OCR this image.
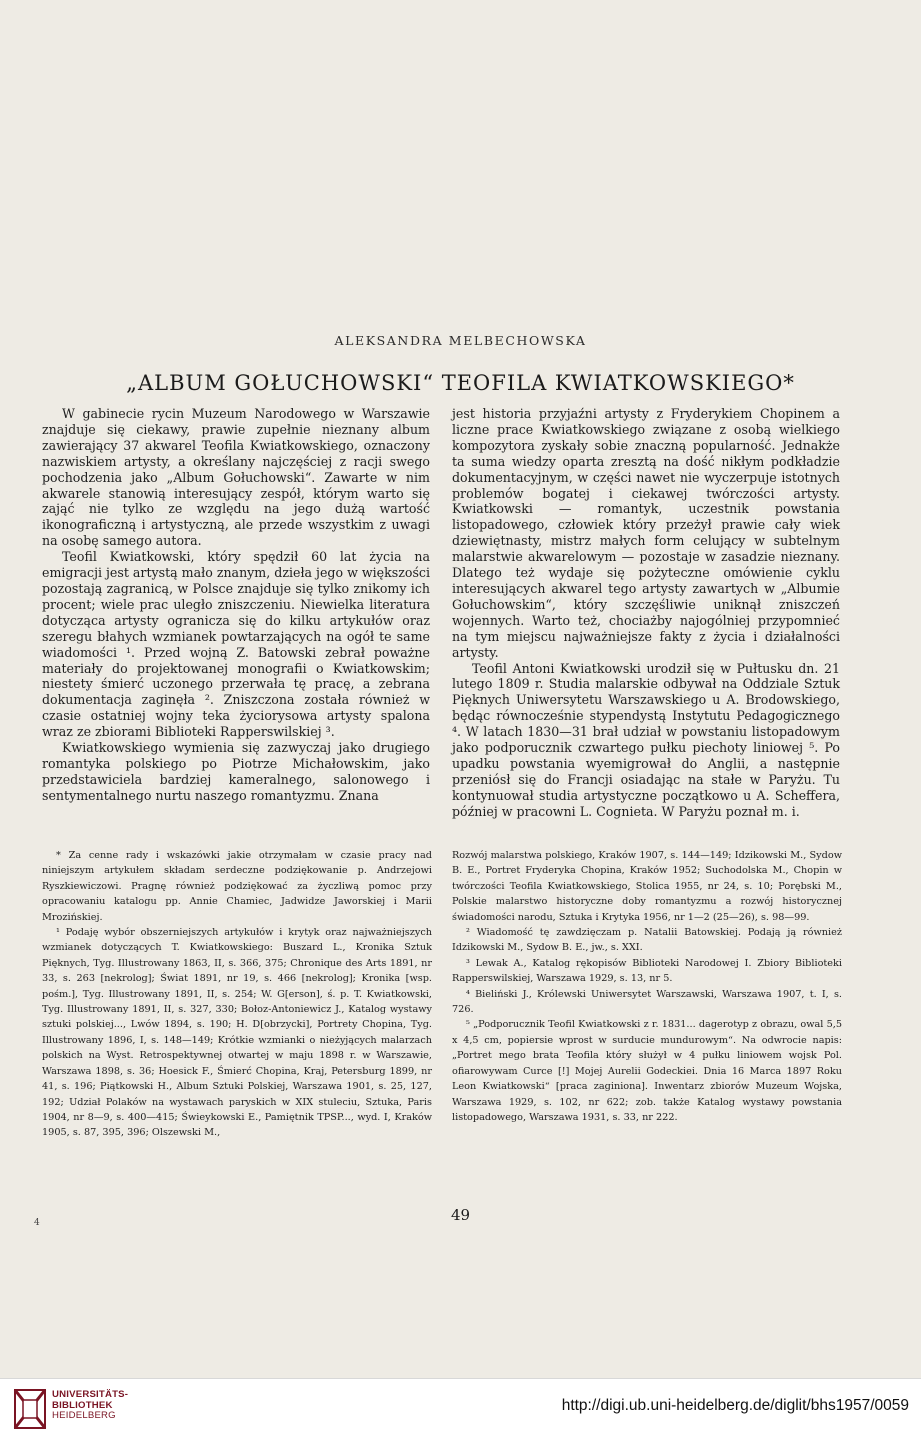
ALEKSANDRA MELBECHOWSKA
„ALBUM GOŁUCHOWSKI“ TEOFILA KWIATKOWSKIEGO*

W gabinecie rycin Muzeum Narodowego w Warszawie znajduje się ciekawy, prawie zupełnie nieznany album zawierający 37 akwarel Teofila Kwiatkowskiego, oznaczony nazwiskiem artysty, a określany najczęściej z racji swego pochodzenia jako „Album Gołuchowski“. Zawarte w nim akwarele stanowią interesujący zespół, którym warto się zająć nie tylko ze względu na jego dużą wartość ikonograficzną i artystyczną, ale przede wszystkim z uwagi na osobę samego autora.

Teofil Kwiatkowski, który spędził 60 lat życia na emigracji jest artystą mało znanym, dzieła jego w większości pozostają zagranicą, w Polsce znajduje się tylko znikomy ich procent; wiele prac uległo zniszczeniu. Niewielka literatura dotycząca artysty ogranicza się do kilku artykułów oraz szeregu błahych wzmianek powtarzających na ogół te same wiadomości ¹. Przed wojną Z. Batowski zebrał poważne materiały do projektowanej monografii o Kwiatkowskim; niestety śmierć uczonego przerwała tę pracę, a zebrana dokumentacja zaginęła ². Zniszczona została również w czasie ostatniej wojny teka życiorysowa artysty spalona wraz ze zbiorami Biblioteki Rapperswilskiej ³.

Kwiatkowskiego wymienia się zazwyczaj jako drugiego romantyka polskiego po Piotrze Michałowskim, jako przedstawiciela bardziej kameralnego, salonowego i sentymentalnego nurtu naszego romantyzmu. Znana

jest historia przyjaźni artysty z Fryderykiem Chopinem a liczne prace Kwiatkowskiego związane z osobą wielkiego kompozytora zyskały sobie znaczną popularność. Jednakże ta suma wiedzy oparta zresztą na dość nikłym podkładzie dokumentacyjnym, w części nawet nie wyczerpuje istotnych problemów bogatej i ciekawej twórczości artysty. Kwiatkowski — romantyk, uczestnik powstania listopadowego, człowiek który przeżył prawie cały wiek dziewiętnasty, mistrz małych form celujący w subtelnym malarstwie akwarelowym — pozostaje w zasadzie nieznany. Dlatego też wydaje się pożyteczne omówienie cyklu interesujących akwarel tego artysty zawartych w „Albumie Gołuchowskim“, który szczęśliwie uniknął zniszczeń wojennych. Warto też, chociażby najogólniej przypomnieć na tym miejscu najważniejsze fakty z życia i działalności artysty.

Teofil Antoni Kwiatkowski urodził się w Pułtusku dn. 21 lutego 1809 r. Studia malarskie odbywał na Oddziale Sztuk Pięknych Uniwersytetu Warszawskiego u A. Brodowskiego, będąc równocześnie stypendystą Instytutu Pedagogicznego ⁴. W latach 1830—31 brał udział w powstaniu listopadowym jako podporucznik czwartego pułku piechoty liniowej ⁵. Po upadku powstania wyemigrował do Anglii, a następnie przeniósł się do Francji osiadając na stałe w Paryżu. Tu kontynuował studia artystyczne początkowo u A. Scheffera, później w pracowni L. Cognieta. W Paryżu poznał m. i.

* Za cenne rady i wskazówki jakie otrzymałam w czasie pracy nad niniejszym artykułem składam serdeczne podziękowanie p. Andrzejowi Ryszkiewiczowi. Pragnę również podziękować za życzliwą pomoc przy opracowaniu katalogu pp. Annie Chamiec, Jadwidze Jaworskiej i Marii Mrozińskiej.

¹ Podaję wybór obszerniejszych artykułów i krytyk oraz najważniejszych wzmianek dotyczących T. Kwiatkowskiego: Buszard L., Kronika Sztuk Pięknych, Tyg. Illustrowany 1863, II, s. 366, 375; Chronique des Arts 1891, nr 33, s. 263 [nekrolog]; Świat 1891, nr 19, s. 466 [nekrolog]; Kronika [wsp. pośm.], Tyg. Illustrowany 1891, II, s. 254; W. G[erson], ś. p. T. Kwiatkowski, Tyg. Illustrowany 1891, II, s. 327, 330; Bołoz-Antoniewicz J., Katalog wystawy sztuki polskiej..., Lwów 1894, s. 190; H. D[obrzycki], Portrety Chopina, Tyg. Illustrowany 1896, I, s. 148—149; Krótkie wzmianki o nieżyjących malarzach polskich na Wyst. Retrospektywnej otwartej w maju 1898 r. w Warszawie, Warszawa 1898, s. 36; Hoesick F., Śmierć Chopina, Kraj, Petersburg 1899, nr 41, s. 196; Piątkowski H., Album Sztuki Polskiej, Warszawa 1901, s. 25, 127, 192; Udział Polaków na wystawach paryskich w XIX stuleciu, Sztuka, Paris 1904, nr 8—9, s. 400—415; Świeykowski E., Pamiętnik TPSP..., wyd. I, Kraków 1905, s. 87, 395, 396; Olszewski M.,

Rozwój malarstwa polskiego, Kraków 1907, s. 144—149; Idzikowski M., Sydow B. E., Portret Fryderyka Chopina, Kraków 1952; Suchodolska M., Chopin w twórczości Teofila Kwiatkowskiego, Stolica 1955, nr 24, s. 10; Porębski M., Polskie malarstwo historyczne doby romantyzmu a rozwój historycznej świadomości narodu, Sztuka i Krytyka 1956, nr 1—2 (25—26), s. 98—99.

² Wiadomość tę zawdzięczam p. Natalii Batowskiej. Podają ją również Idzikowski M., Sydow B. E., jw., s. XXI.

³ Lewak A., Katalog rękopisów Biblioteki Narodowej I. Zbiory Biblioteki Rapperswilskiej, Warszawa 1929, s. 13, nr 5.

⁴ Bieliński J., Królewski Uniwersytet Warszawski, Warszawa 1907, t. I, s. 726.

⁵ „Podporucznik Teofil Kwiatkowski z r. 1831... dagerotyp z obrazu, owal 5,5 x 4,5 cm, popiersie wprost w surducie mundurowym“. Na odwrocie napis: „Portret mego brata Teofila który służył w 4 pułku liniowem wojsk Pol. ofiarowywam Curce [!] Mojej Aurelii Godeckiei. Dnia 16 Marca 1897 Roku Leon Kwiatkowski“ [praca zaginiona]. Inwentarz zbiorów Muzeum Wojska, Warszawa 1929, s. 102, nr 622; zob. także Katalog wystawy powstania listopadowego, Warszawa 1931, s. 33, nr 222.

49
4
UNIVERSITÄTS-
BIBLIOTHEK
HEIDELBERG
http://digi.ub.uni-heidelberg.de/diglit/bhs1957/0059
